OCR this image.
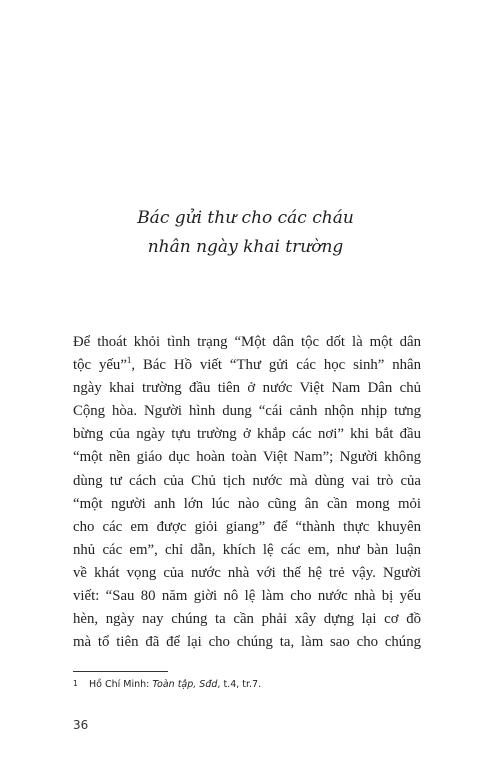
Bác gửi thư cho các cháu
nhân ngày khai trường
Để thoát khỏi tình trạng “Một dân tộc dốt là một dân
tộc yếu”$^1$, Bác Hồ viết “Thư gửi các học sinh” nhân
ngày khai trường đầu tiên ở nước Việt Nam Dân chủ
Cộng hòa. Người hình dung “cái cảnh nhộn nhịp tưng
bừng của ngày tựu trường ở khắp các nơi” khi bắt đầu
“một nền giáo dục hoàn toàn Việt Nam”; Người không
dùng tư cách của Chủ tịch nước mà dùng vai trò của
“một người anh lớn lúc nào cũng ân cần mong mỏi
cho các em được giỏi giang” để “thành thực khuyên
nhủ các em”, chỉ dẫn, khích lệ các em, như bàn luận
về khát vọng của nước nhà với thế hệ trẻ vậy. Người
viết: “Sau 80 năm giời nô lệ làm cho nước nhà bị yếu
hèn, ngày nay chúng ta cần phải xây dựng lại cơ đồ
mà tổ tiên đã để lại cho chúng ta, làm sao cho chúng
1 Hồ Chí Minh: Toàn tập, Sđd, t.4, tr.7.
36
